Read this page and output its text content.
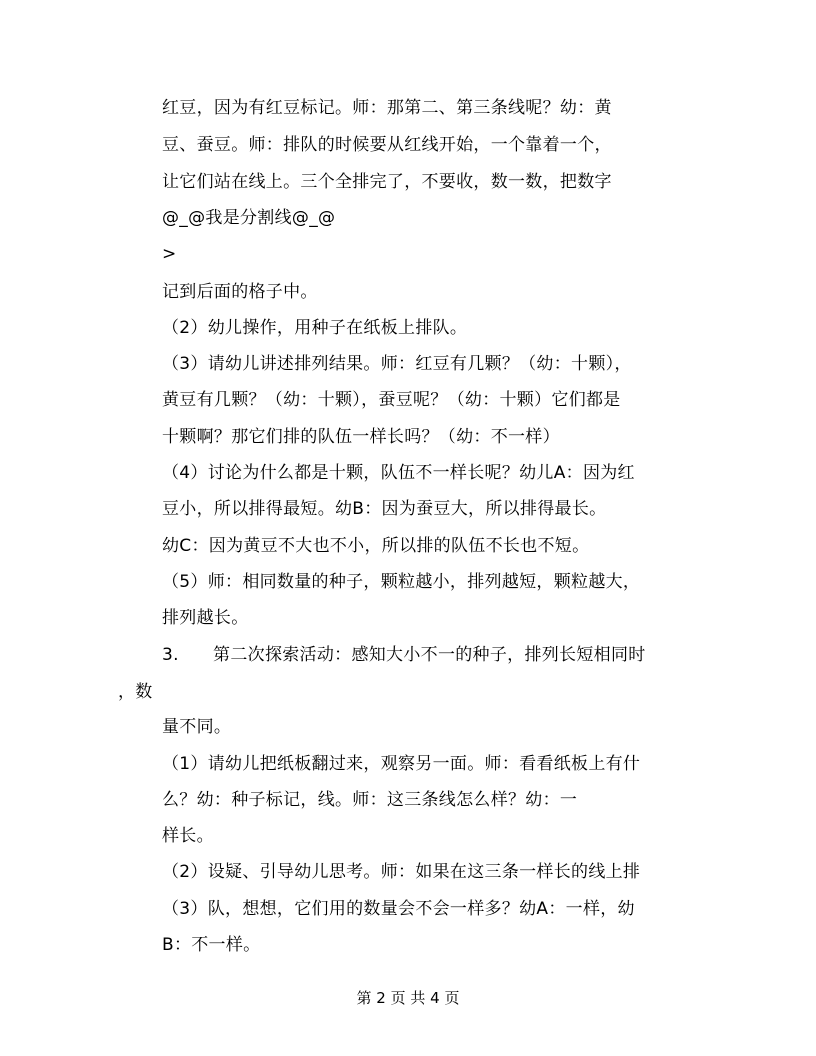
红豆，因为有红豆标记。师：那第二、第三条线呢？幼：黄
豆、蚕豆。师：排队的时候要从红线开始，一个靠着一个，
让它们站在线上。三个全排完了，不要收，数一数，把数字
@_@我是分割线@_@
>
记到后面的格子中。
（2）幼儿操作，用种子在纸板上排队。
（3）请幼儿讲述排列结果。师：红豆有几颗？（幼：十颗），
黄豆有几颗？（幼：十颗），蚕豆呢？（幼：十颗）它们都是
十颗啊？那它们排的队伍一样长吗？（幼：不一样）
（4）讨论为什么都是十颗，队伍不一样长呢？幼儿A：因为红
豆小，所以排得最短。幼B：因为蚕豆大，所以排得最长。
幼C：因为黄豆不大也不小，所以排的队伍不长也不短。
（5）师：相同数量的种子，颗粒越小，排列越短，颗粒越大，
排列越长。
3.      第二次探索活动：感知大小不一的种子，排列长短相同时
，数
量不同。
（1）请幼儿把纸板翻过来，观察另一面。师：看看纸板上有什
么？幼：种子标记，线。师：这三条线怎么样？幼：一
样长。
（2）设疑、引导幼儿思考。师：如果在这三条一样长的线上排
（3）队，想想，它们用的数量会不会一样多？幼A：一样，幼
B：不一样。
第 2 页 共 4 页
